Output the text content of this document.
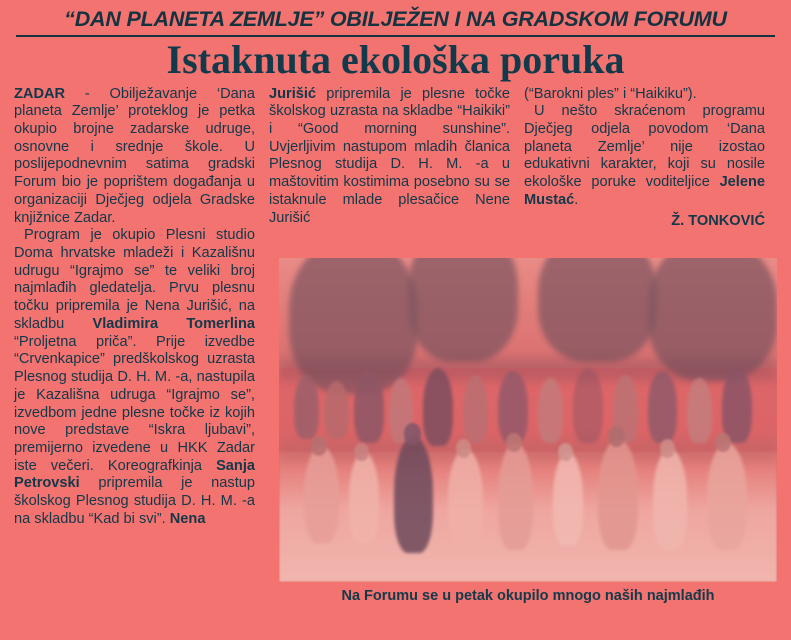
“DAN PLANETA ZEMLJE” OBILJEŽEN I NA GRADSKOM FORUMU
Istaknuta ekološka poruka

ZADAR - Obilježavanje ‘Dana planeta Zemlje’ proteklog je petka okupio brojne zadarske udruge, osnovne i srednje škole. U poslijepodnevnim satima gradski Forum bio je poprištem događanja u organizaciji Dječjeg odjela Gradske knjižnice Zadar.

Program je okupio Plesni studio Doma hrvatske mladeži i Kazališnu udrugu “Igrajmo se” te veliki broj najmlađih gledatelja. Prvu plesnu točku pripremila je Nena Jurišić, na skladbu Vladimira Tomerlina “Proljetna priča”. Prije izvedbe “Crvenkapice” predškolskog uzrasta Plesnog studija D. H. M. -a, nastupila je Kazališna udruga “Igrajmo se”, izvedbom jedne plesne točke iz kojih nove predstave “Iskra ljubavi”, premijerno izvedene u HKK Zadar iste večeri. Koreografkinja Sanja Petrovski pripremila je nastup školskog Plesnog studija D. H. M. -a na skladbu “Kad bi svi”. Nena

Jurišić pripremila je plesne točke školskog uzrasta na skladbe “Haikiki” i “Good morning sunshine”. Uvjerljivim nastupom mladih članica Plesnog studija D. H. M. -a u maštovitim kostimima posebno su se istaknule mlade plesačice Nene Jurišić

(“Barokni ples” i “Haikiku”).

U nešto skraćenom programu Dječjeg odjela povodom ‘Dana planeta Zemlje’ nije izostao edukativni karakter, koji su nosile ekološke poruke voditeljice Jelene Mustać.

Ž. TONKOVIĆ
Na Forumu se u petak okupilo mnogo naših najmlađih
